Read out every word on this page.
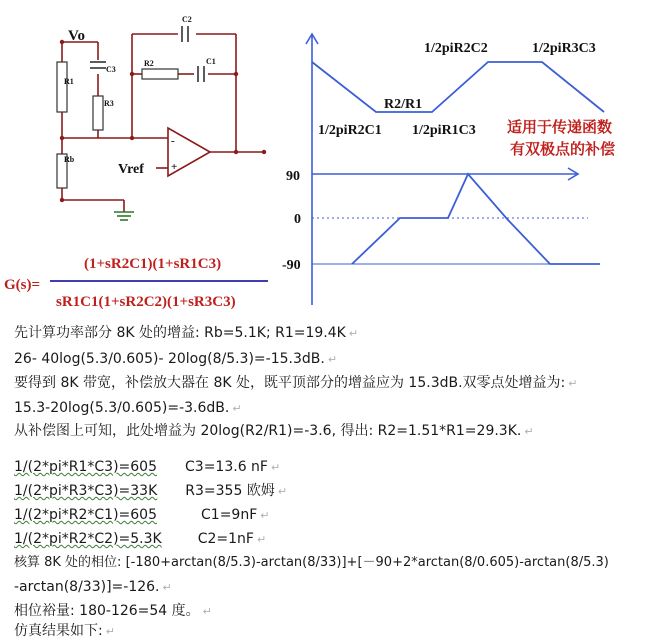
Vo
C3
R1
R3
Rb
C2
R2	C1
Vref
-
+
1/2piR2C2	1/2piR3C3
R2/R1
1/2piR2C1 1/2piR1C3
90
0
-90
适用于传递函数
有双极点的补偿
G(s)=
(1+sR2C1)(1+sR1C3)
sR1C1(1+sR2C2)(1+sR3C3)
先计算功率部分 8K 处的增益: Rb=5.1K; R1=19.4K ↵
26- 40log(5.3/0.605)- 20log(8/5.3)=-15.3dB. ↵
要得到 8K 带宽，补偿放大器在 8K 处，既平顶部分的增益应为 15.3dB.双零点处增益为: ↵
15.3-20log(5.3/0.605)=-3.6dB. ↵
从补偿图上可知，此处增益为 20log(R2/R1)=-3.6, 得出: R2=1.51*R1=29.3K. ↵
1/(2*pi*R1*C3)=605 C3=13.6 nF ↵
1/(2*pi*R3*C3)=33K R3=355 欧姆 ↵
1/(2*pi*R2*C1)=605	C1=9nF ↵
1/(2*pi*R2*C2)=5.3K	C2=1nF ↵
核算 8K 处的相位: [-180+arctan(8/5.3)-arctan(8/33)]+[－90+2*arctan(8/0.605)-arctan(8/5.3)
-arctan(8/33)]=-126. ↵
相位裕量: 180-126=54 度。 ↵
仿真结果如下: ↵
